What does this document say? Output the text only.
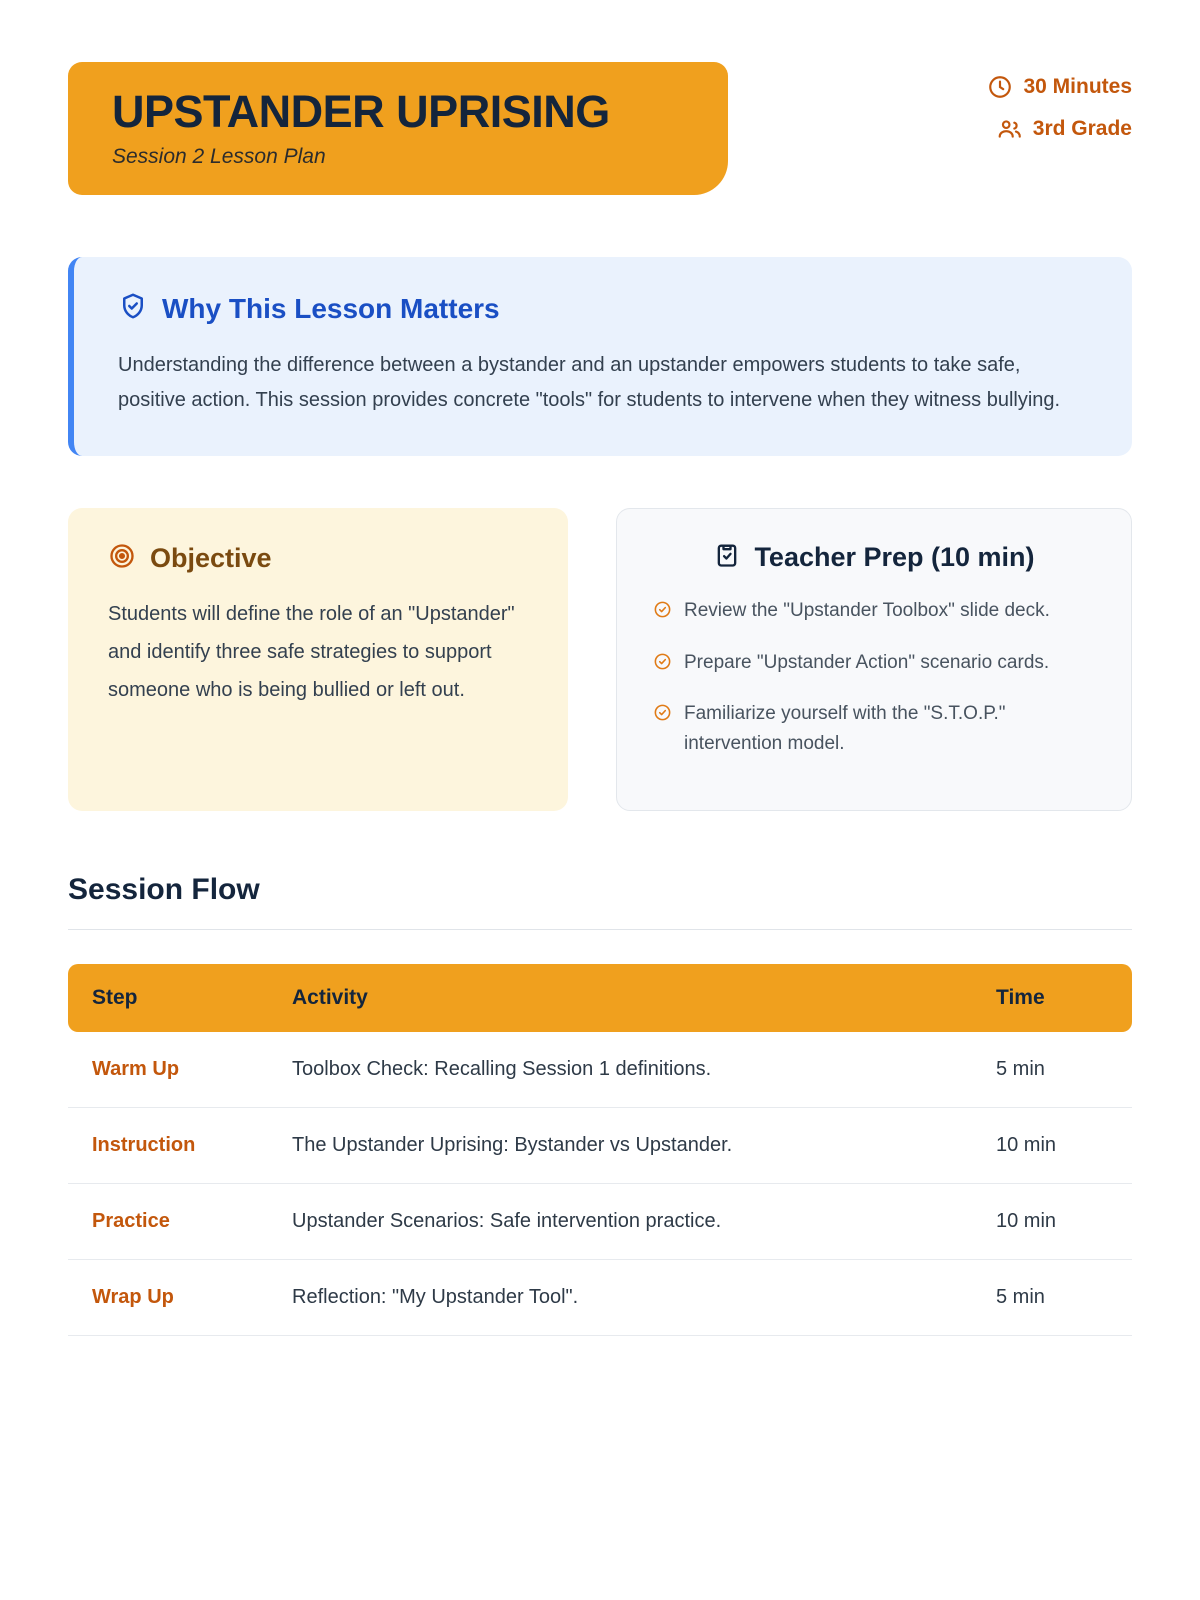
UPSTANDER UPRISING
Session 2 Lesson Plan
30 Minutes
3rd Grade
Why This Lesson Matters
Understanding the difference between a bystander and an upstander empowers students to take safe, positive action. This session provides concrete "tools" for students to intervene when they witness bullying.
Objective
Students will define the role of an "Upstander" and identify three safe strategies to support someone who is being bullied or left out.
Teacher Prep (10 min)
Review the "Upstander Toolbox" slide deck.
Prepare "Upstander Action" scenario cards.
Familiarize yourself with the "S.T.O.P." intervention model.
Session Flow
Step	Activity	Time
Warm Up	Toolbox Check: Recalling Session 1 definitions.	5 min
Instruction	The Upstander Uprising: Bystander vs Upstander.	10 min
Practice	Upstander Scenarios: Safe intervention practice.	10 min
Wrap Up	Reflection: "My Upstander Tool".	5 min
